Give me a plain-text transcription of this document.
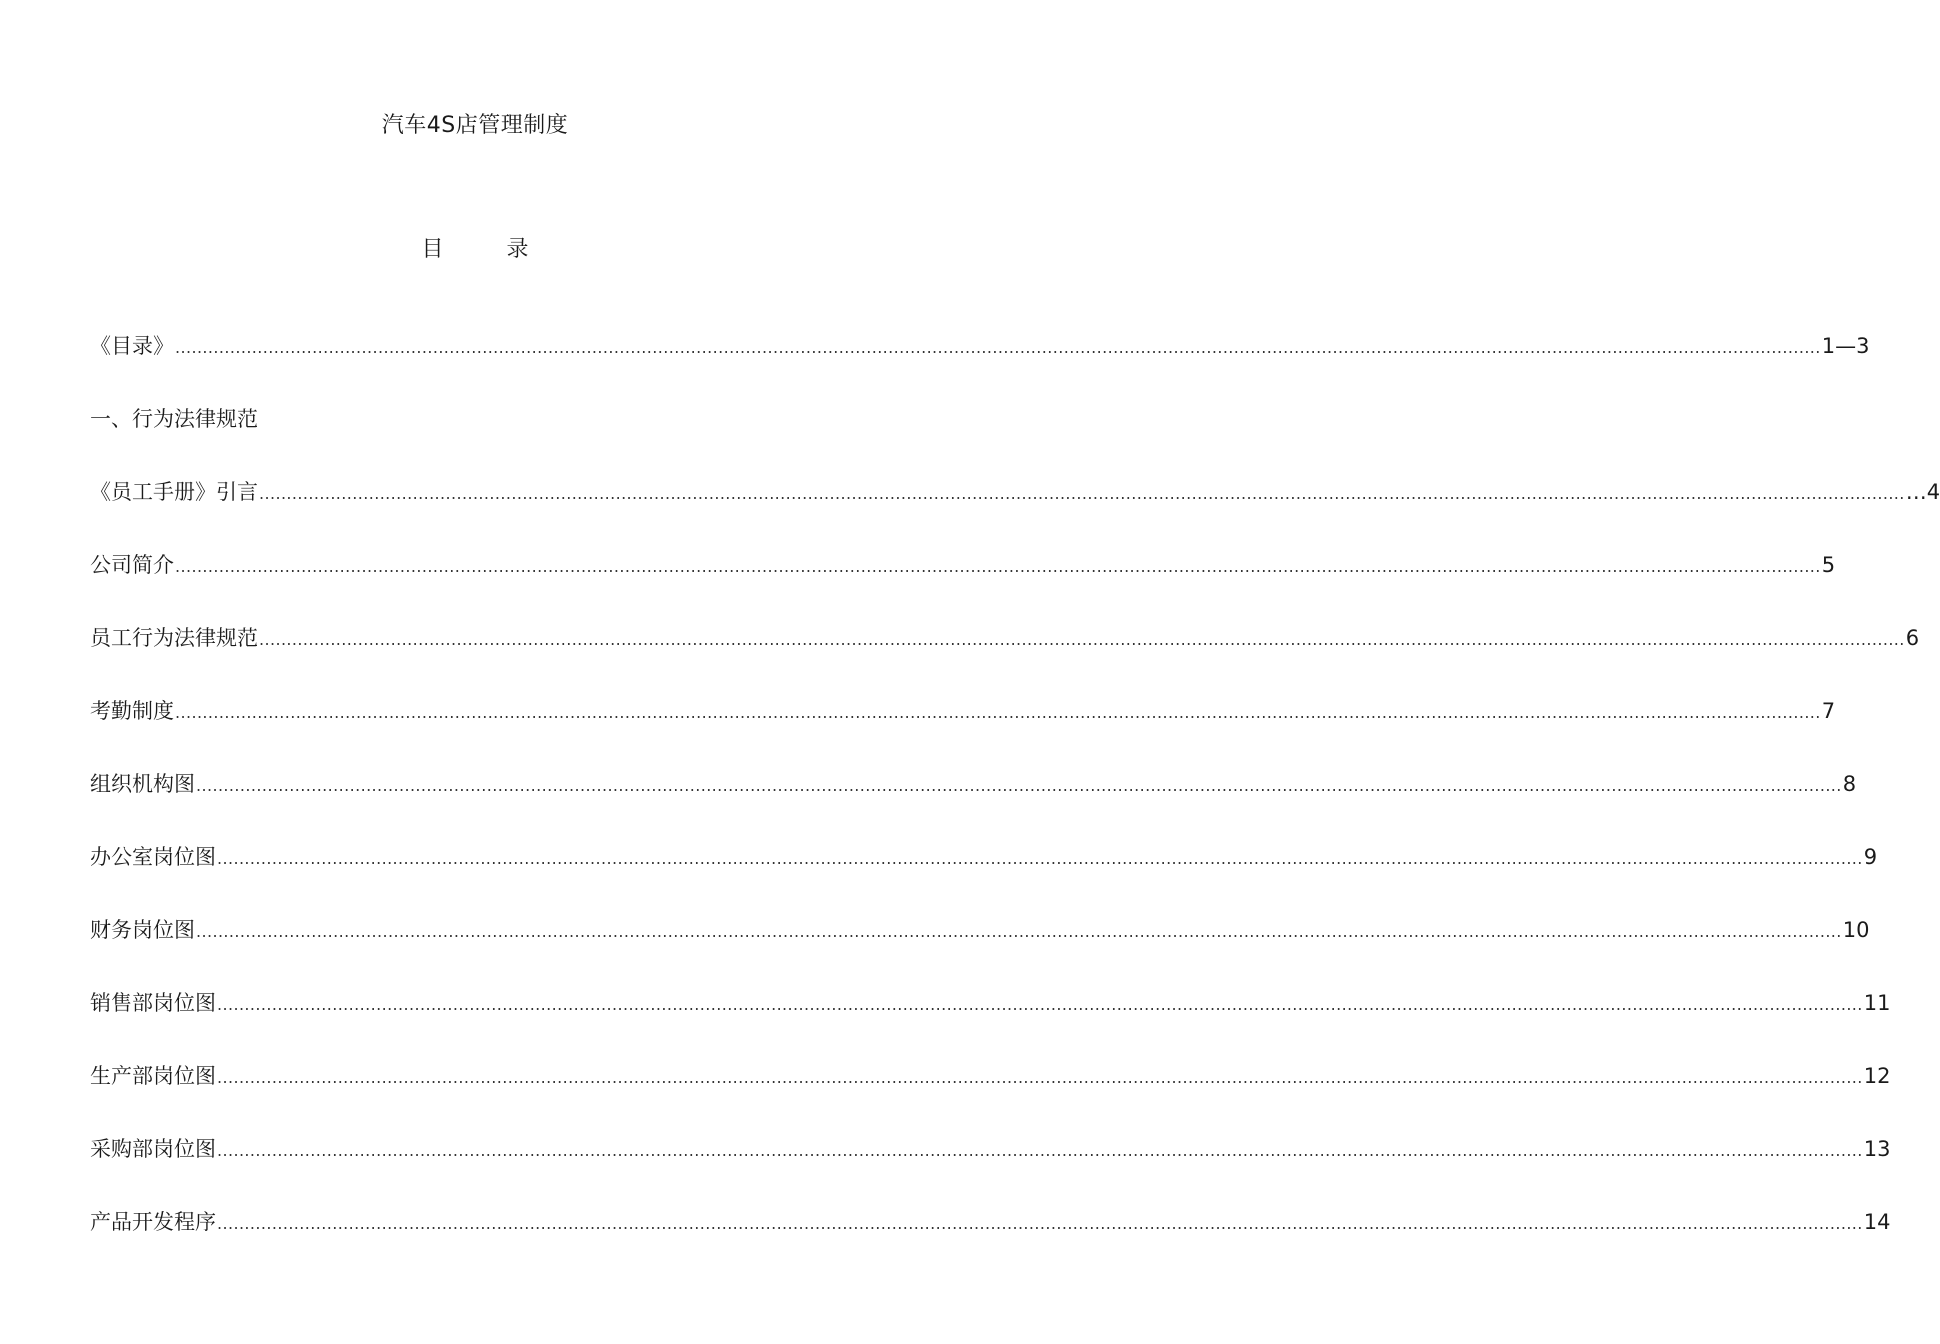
汽车4S店管理制度
目 录
《目录》 ............................................................................................................................................................................................................................................................................................................ 1—3
一、行为法律规范
《员工手册》引言 ............................................................................................................................................................................................................................................................................................................ …4
公司简介 ............................................................................................................................................................................................................................................................................................................ 5
员工行为法律规范 ............................................................................................................................................................................................................................................................................................................ 6
考勤制度 ............................................................................................................................................................................................................................................................................................................ 7
组织机构图 ............................................................................................................................................................................................................................................................................................................ 8
办公室岗位图 ............................................................................................................................................................................................................................................................................................................ 9
财务岗位图 ............................................................................................................................................................................................................................................................................................................ 10
销售部岗位图 ............................................................................................................................................................................................................................................................................................................ 11
生产部岗位图 ............................................................................................................................................................................................................................................................................................................ 12
采购部岗位图 ............................................................................................................................................................................................................................................................................................................ 13
产品开发程序 ............................................................................................................................................................................................................................................................................................................ 14
